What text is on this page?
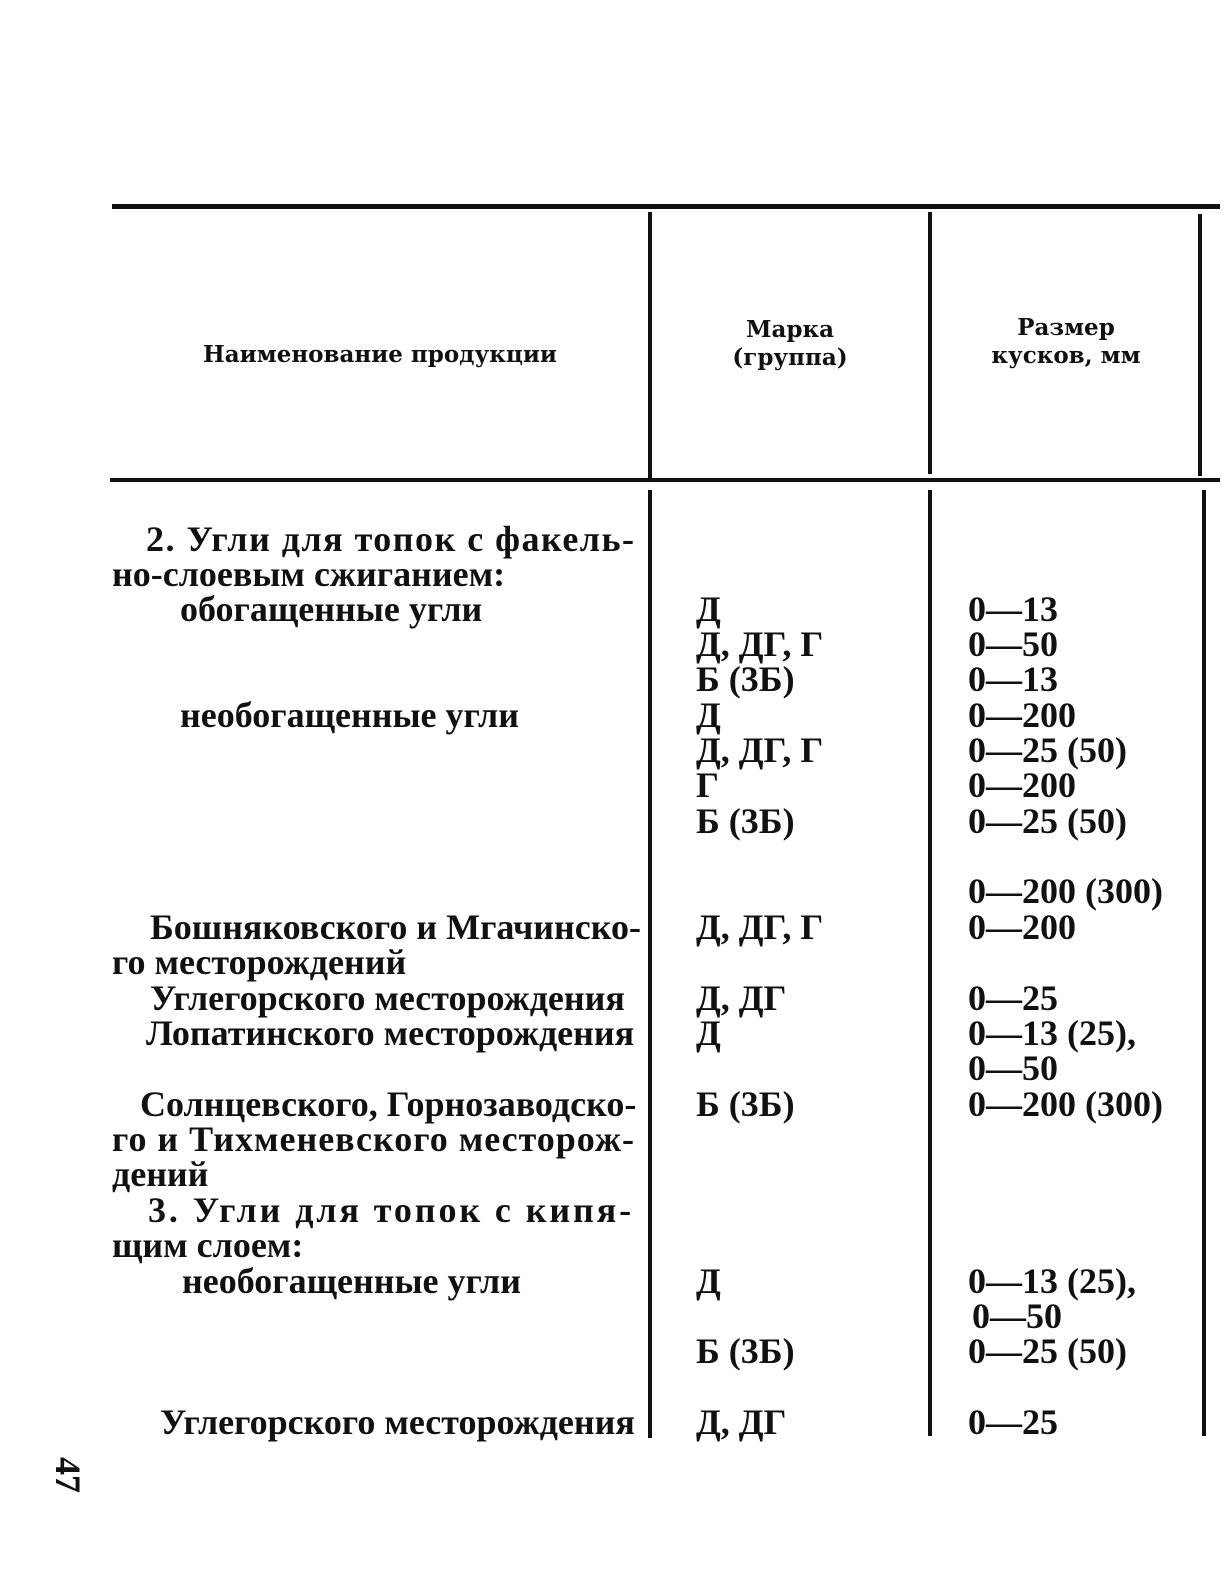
Наименование продукции
Марка
(группа)
Размер
кусков, мм
2. Угли для топок с факель-
но-слоевым сжиганием:
обогащенные угли
необогащенные угли
Бошняковского и Мгачинско-
го месторождений
Углегорского месторождения
Лопатинского месторождения
Солнцевского, Горнозаводско-
го и Тихменевского месторож-
дений
3. Угли для топок с кипя-
щим слоем:
необогащенные угли
Углегорского месторождения
Д
Д, ДГ, Г
Б (3Б)
Д
Д, ДГ, Г
Г
Б (3Б)
Д, ДГ, Г
Д, ДГ
Д
Б (3Б)
Д
Б (3Б)
Д, ДГ
0—13
0—50
0—13
0—200
0—25 (50)
0—200
0—25 (50)
0—200 (300)
0—200
0—25
0—13 (25),
0—50
0—200 (300)
0—13 (25),
0—50
0—25 (50)
0—25
47
